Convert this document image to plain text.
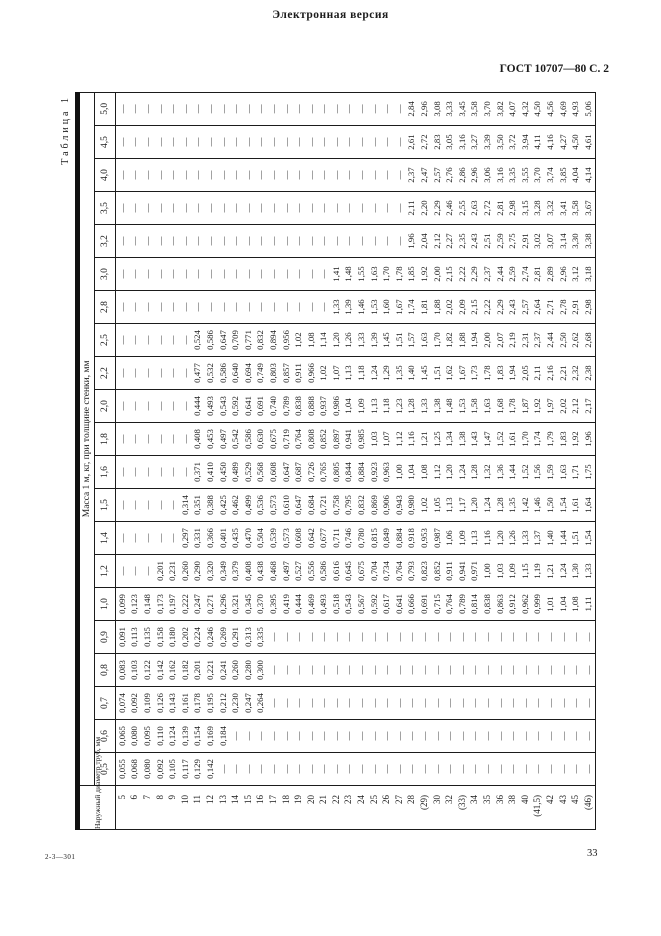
Электронная версия
ГОСТ 10707—80 С. 2
Таблица 1
Наружный диаметр труб, мм	Масса 1 м, кг, при толщине стенки, мм																				
	0,5	0,6	0,7	0,8	0,9	1,0	1,2	1,4	1,5	1,6	1,8	2,0	2,2	2,5	2,8	3,0	3,2	3,5	4,0	4,5	5,0
5	0,055	0,065	0,074	0,083	0,091	0,099	—	—	—	—	—	—	—	—	—	—	—	—	—	—	—
6	0,068	0,080	0,092	0,103	0,113	0,123	—	—	—	—	—	—	—	—	—	—	—	—	—	—	—
7	0,080	0,095	0,109	0,122	0,135	0,148	—	—	—	—	—	—	—	—	—	—	—	—	—	—	—
8	0,092	0,110	0,126	0,142	0,158	0,173	0,201	—	—	—	—	—	—	—	—	—	—	—	—	—	—
9	0,105	0,124	0,143	0,162	0,180	0,197	0,231	—	—	—	—	—	—	—	—	—	—	—	—	—	—
10	0,117	0,139	0,161	0,182	0,202	0,222	0,260	0,297	0,314	—	—	—	—	—	—	—	—	—	—	—	—
11	0,129	0,154	0,178	0,201	0,224	0,247	0,290	0,331	0,351	0,371	0,408	0,444	0,477	0,524	—	—	—	—	—	—	—
12	0,142	0,169	0,195	0,221	0,246	0,271	0,320	0,366	0,388	0,410	0,453	0,493	0,532	0,586	—	—	—	—	—	—	—
13	—	0,184	0,212	0,241	0,269	0,296	0,349	0,401	0,425	0,450	0,497	0,543	0,586	0,647	—	—	—	—	—	—	—
14	—	—	0,230	0,260	0,291	0,321	0,379	0,435	0,462	0,489	0,542	0,592	0,640	0,709	—	—	—	—	—	—	—
15	—	—	0,247	0,280	0,313	0,345	0,408	0,470	0,499	0,529	0,586	0,641	0,694	0,771	—	—	—	—	—	—	—
16	—	—	0,264	0,300	0,335	0,370	0,438	0,504	0,536	0,568	0,630	0,691	0,749	0,832	—	—	—	—	—	—	—
17	—	—	—	—	—	0,395	0,468	0,539	0,573	0,608	0,675	0,740	0,803	0,894	—	—	—	—	—	—	—
18	—	—	—	—	—	0,419	0,497	0,573	0,610	0,647	0,719	0,789	0,857	0,956	—	—	—	—	—	—	—
19	—	—	—	—	—	0,444	0,527	0,608	0,647	0,687	0,764	0,838	0,911	1,02	—	—	—	—	—	—	—
20	—	—	—	—	—	0,469	0,556	0,642	0,684	0,726	0,808	0,888	0,966	1,08	—	—	—	—	—	—	—
21	—	—	—	—	—	0,493	0,586	0,677	0,721	0,765	0,852	0,937	1,02	1,14	—	—	—	—	—	—	—
22	—	—	—	—	—	0,518	0,616	0,711	0,758	0,805	0,897	0,986	1,07	1,20	1,33	1,41	—	—	—	—	—
23	—	—	—	—	—	0,543	0,645	0,746	0,795	0,844	0,941	1,04	1,13	1,26	1,39	1,48	—	—	—	—	—
24	—	—	—	—	—	0,567	0,675	0,780	0,832	0,884	0,985	1,09	1,18	1,33	1,46	1,55	—	—	—	—	—
25	—	—	—	—	—	0,592	0,704	0,815	0,869	0,923	1,03	1,13	1,24	1,39	1,53	1,63	—	—	—	—	—
26	—	—	—	—	—	0,617	0,734	0,849	0,906	0,963	1,07	1,18	1,29	1,45	1,60	1,70	—	—	—	—	—
27	—	—	—	—	—	0,641	0,764	0,884	0,943	1,00	1,12	1,23	1,35	1,51	1,67	1,78	—	—	—	—	—
28	—	—	—	—	—	0,666	0,793	0,918	0,980	1,04	1,16	1,28	1,40	1,57	1,74	1,85	1,96	2,11	2,37	2,61	2,84
(29)	—	—	—	—	—	0,691	0,823	0,953	1,02	1,08	1,21	1,33	1,45	1,63	1,81	1,92	2,04	2,20	2,47	2,72	2,96
30	—	—	—	—	—	0,715	0,852	0,987	1,05	1,12	1,25	1,38	1,51	1,70	1,88	2,00	2,12	2,29	2,57	2,83	3,08
32	—	—	—	—	—	0,764	0,911	1,06	1,13	1,20	1,34	1,48	1,62	1,82	2,02	2,15	2,27	2,46	2,76	3,05	3,33
(33)	—	—	—	—	—	0,789	0,941	1,09	1,17	1,24	1,38	1,53	1,67	1,88	2,09	2,22	2,35	2,55	2,86	3,16	3,45
34	—	—	—	—	—	0,814	0,971	1,13	1,20	1,28	1,43	1,58	1,73	1,94	2,15	2,29	2,43	2,63	2,96	3,27	3,58
35	—	—	—	—	—	0,838	1,00	1,16	1,24	1,32	1,47	1,63	1,78	2,00	2,22	2,37	2,51	2,72	3,06	3,39	3,70
36	—	—	—	—	—	0,863	1,03	1,20	1,28	1,36	1,52	1,68	1,83	2,07	2,29	2,44	2,59	2,81	3,16	3,50	3,82
38	—	—	—	—	—	0,912	1,09	1,26	1,35	1,44	1,61	1,78	1,94	2,19	2,43	2,59	2,75	2,98	3,35	3,72	4,07
40	—	—	—	—	—	0,962	1,15	1,33	1,42	1,52	1,70	1,87	2,05	2,31	2,57	2,74	2,91	3,15	3,55	3,94	4,32
(41,5)	—	—	—	—	—	0,999	1,19	1,37	1,46	1,56	1,74	1,92	2,11	2,37	2,64	2,81	3,02	3,28	3,70	4,11	4,50
42	—	—	—	—	—	1,01	1,21	1,40	1,50	1,59	1,79	1,97	2,16	2,44	2,71	2,89	3,07	3,32	3,74	4,16	4,56
43	—	—	—	—	—	1,04	1,24	1,44	1,54	1,63	1,83	2,02	2,21	2,50	2,78	2,96	3,14	3,41	3,85	4,27	4,69
45	—	—	—	—	—	1,08	1,30	1,51	1,61	1,71	1,92	2,12	2,32	2,62	2,91	3,12	3,30	3,58	4,04	4,50	4,93
(46)	—	—	—	—	—	1,11	1,33	1,54	1,64	1,75	1,96	2,17	2,38	2,68	2,98	3,18	3,38	3,67	4,14	4,61	5,06
2-3—301	33
